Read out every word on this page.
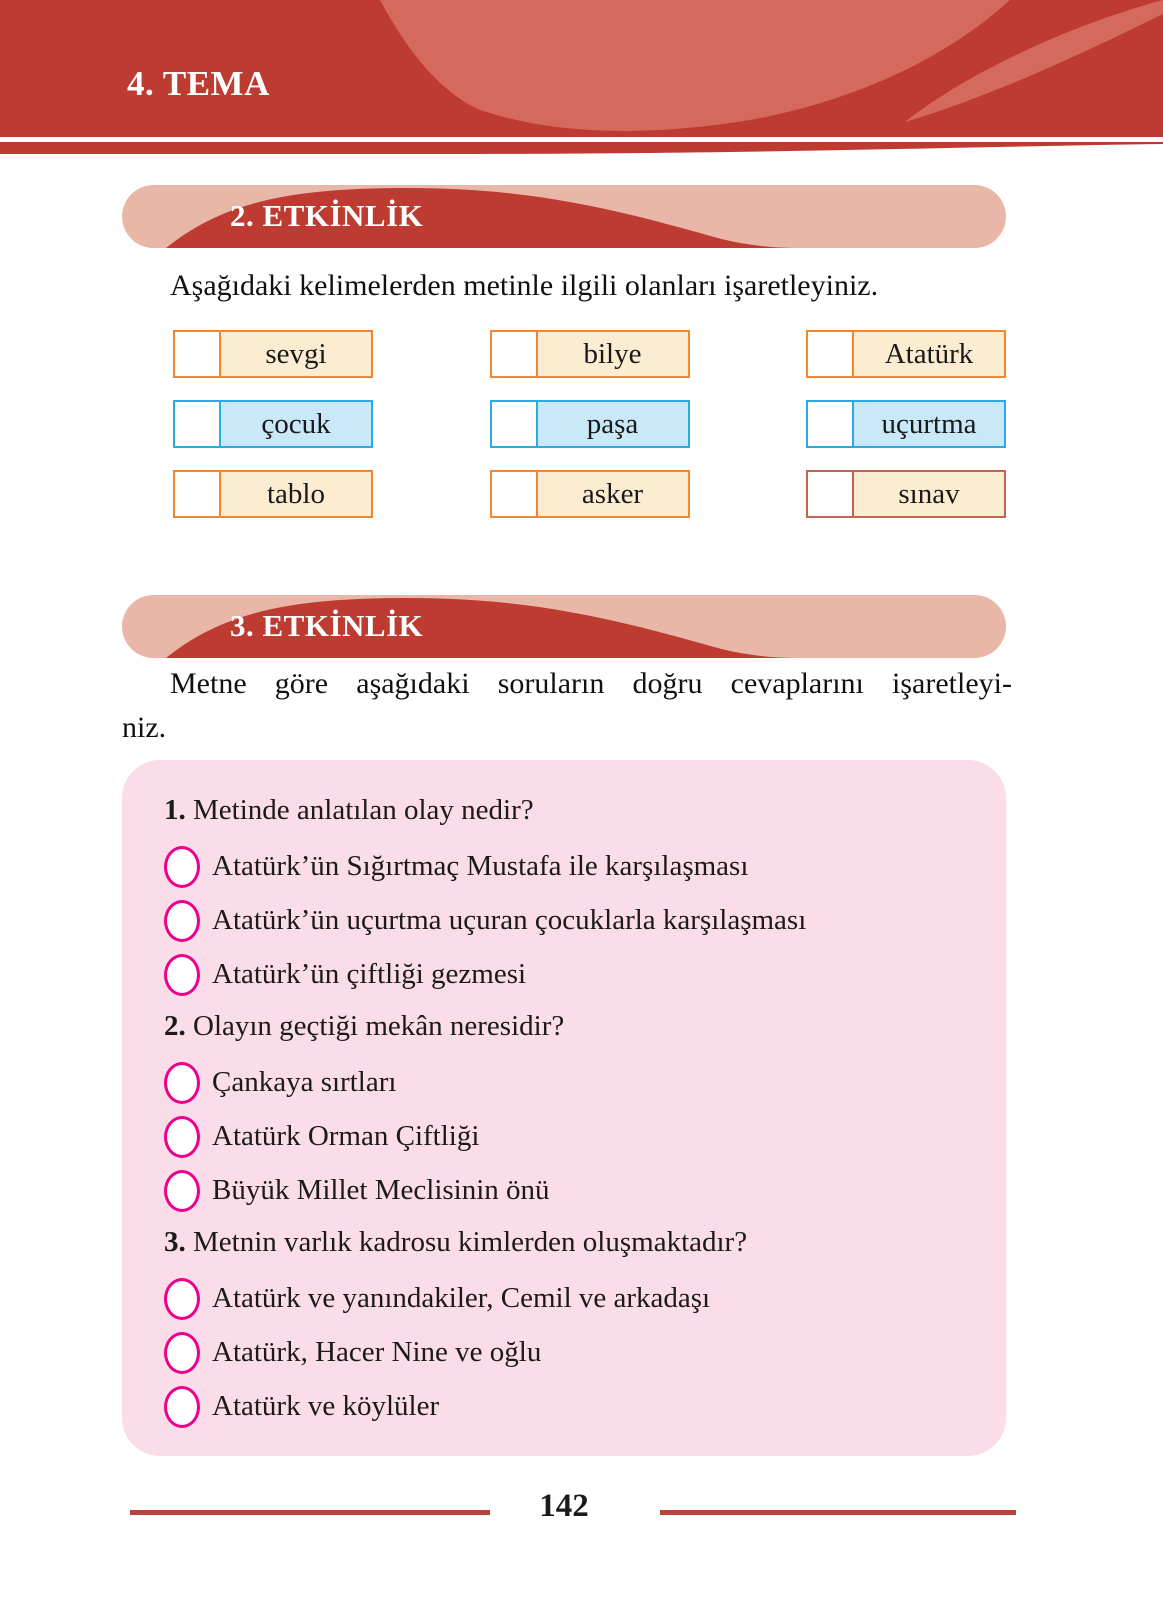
4. TEMA
2. ETKİNLİK
Aşağıdaki kelimelerden metinle ilgili olanları işaretleyiniz.
sevgi	bilye	Atatürk
çocuk	paşa	uçurtma
tablo	asker	sınav
3. ETKİNLİK
Metne göre aşağıdaki soruların doğru cevaplarını işaretleyi-
niz.
1. Metinde anlatılan olay nedir?
Atatürk’ün Sığırtmaç Mustafa ile karşılaşması
Atatürk’ün uçurtma uçuran çocuklarla karşılaşması
Atatürk’ün çiftliği gezmesi
2. Olayın geçtiği mekân neresidir?
Çankaya sırtları
Atatürk Orman Çiftliği
Büyük Millet Meclisinin önü
3. Metnin varlık kadrosu kimlerden oluşmaktadır?
Atatürk ve yanındakiler, Cemil ve arkadaşı
Atatürk, Hacer Nine ve oğlu
Atatürk ve köylüler
142
